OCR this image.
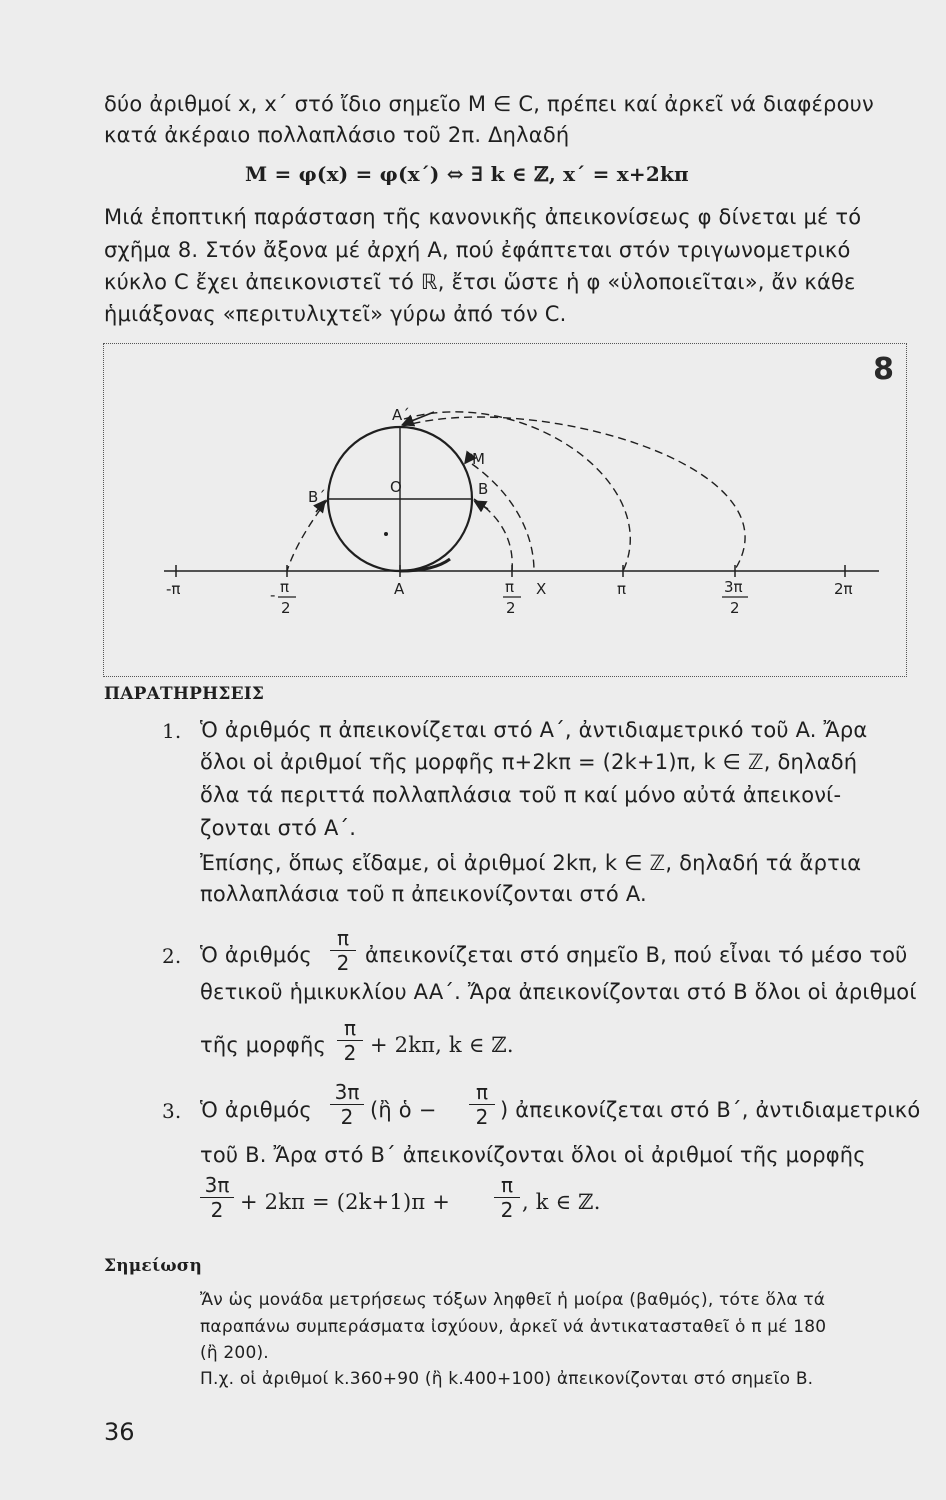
δύο ἀριθμοί x, x΄ στό ἴδιο σημεῖο M ∈ C, πρέπει καί ἀρκεῖ νά διαφέρουν
κατά ἀκέραιο πολλαπλάσιο τοῦ 2π. Δηλαδή
M = φ(x) = φ(x΄) ⇔ ∃ k ∈ ℤ, x΄ = x+2kπ
Μιά ἐποπτική παράσταση τῆς κανονικῆς ἀπεικονίσεως φ δίνεται μέ τό
σχῆμα 8. Στόν ἄξονα μέ ἀρχή A, πού ἐφάπτεται στόν τριγωνομετρικό
κύκλο C ἔχει ἀπεικονιστεῖ τό ℝ, ἔτσι ὥστε ἡ φ «ὑλοποιεῖται», ἄν κάθε
ἡμιάξονας «περιτυλιχτεῖ» γύρω ἀπό τόν C.
8
A΄
O	B
B΄
M
A	X
-π	- π
2
π
2
π	3π
2
2π
ΠΑΡΑΤΗΡΗΣΕΙΣ
1. Ὁ ἀριθμός π ἀπεικονίζεται στό A΄, ἀντιδιαμετρικό τοῦ A. Ἄρα
ὅλοι οἱ ἀριθμοί τῆς μορφῆς π+2kπ = (2k+1)π, k ∈ ℤ, δηλαδή
ὅλα τά περιττά πολλαπλάσια τοῦ π καί μόνο αὐτά ἀπεικονί-
ζονται στό A΄.
Ἐπίσης, ὅπως εἴδαμε, οἱ ἀριθμοί 2kπ, k ∈ ℤ, δηλαδή τά ἄρτια
πολλαπλάσια τοῦ π ἀπεικονίζονται στό A.
2. Ὁ ἀριθμός
π
2 ἀπεικονίζεται στό σημεῖο B, πού εἶναι τό μέσο τοῦ
θετικοῦ ἡμικυκλίου AA΄. Ἄρα ἀπεικονίζονται στό B ὅλοι οἱ ἀριθμοί
τῆς μορφῆς
π
2 + 2kπ, k ∈ ℤ.
3. Ὁ ἀριθμός
3π
2 (ἢ ὁ −
π
2 ) ἀπεικονίζεται στό B΄, ἀντιδιαμετρικό
τοῦ B. Ἄρα στό B΄ ἀπεικονίζονται ὅλοι οἱ ἀριθμοί τῆς μορφῆς
3π
2 + 2kπ = (2k+1)π +
π
2 , k ∈ ℤ.
Σημείωση
Ἄν ὡς μονάδα μετρήσεως τόξων ληφθεῖ ἡ μοίρα (βαθμός), τότε ὅλα τά
παραπάνω συμπεράσματα ἰσχύουν, ἀρκεῖ νά ἀντικατασταθεῖ ὁ π μέ 180
(ἢ 200).
Π.χ. οἱ ἀριθμοί k.360+90 (ἢ k.400+100) ἀπεικονίζονται στό σημεῖο B.
36
